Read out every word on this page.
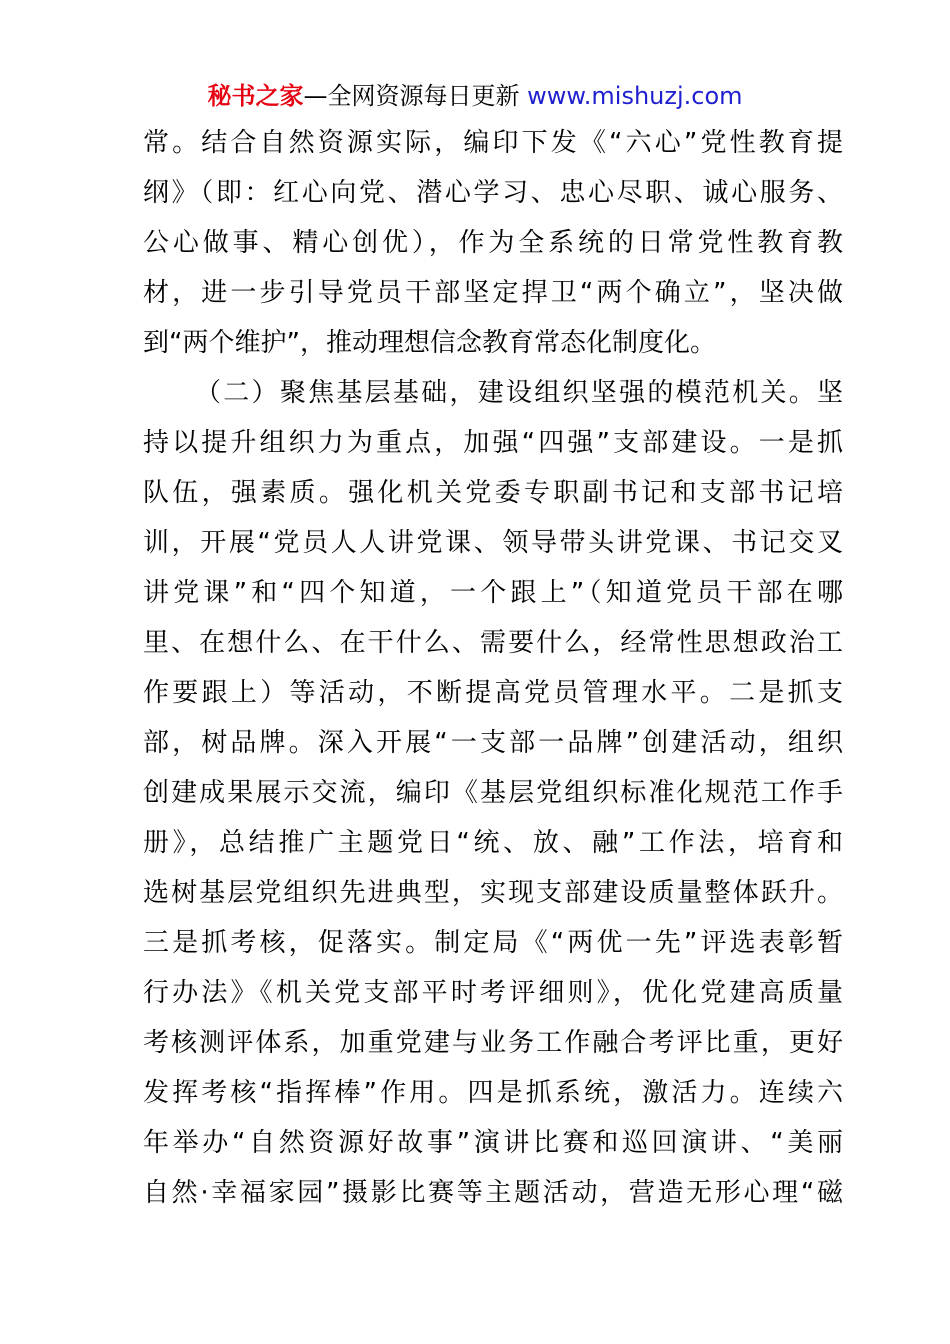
秘书之家—全网资源每日更新 www.mishuzj.com
常。结合自然资源实际，编印下发《“六心”党性教育提
纲》（即：红心向党、潜心学习、忠心尽职、诚心服务、
公心做事、精心创优），作为全系统的日常党性教育教
材，进一步引导党员干部坚定捍卫“两个确立”，坚决做
到“两个维护”，推动理想信念教育常态化制度化。
（二）聚焦基层基础，建设组织坚强的模范机关。坚
持以提升组织力为重点，加强“四强”支部建设。一是抓
队伍，强素质。强化机关党委专职副书记和支部书记培
训，开展“党员人人讲党课、领导带头讲党课、书记交叉
讲党课”和“四个知道，一个跟上”（知道党员干部在哪
里、在想什么、在干什么、需要什么，经常性思想政治工
作要跟上）等活动，不断提高党员管理水平。二是抓支
部，树品牌。深入开展“一支部一品牌”创建活动，组织
创建成果展示交流，编印《基层党组织标准化规范工作手
册》，总结推广主题党日“统、放、融”工作法，培育和
选树基层党组织先进典型，实现支部建设质量整体跃升。
三是抓考核，促落实。制定局《“两优一先”评选表彰暂
行办法》《机关党支部平时考评细则》，优化党建高质量
考核测评体系，加重党建与业务工作融合考评比重，更好
发挥考核“指挥棒”作用。四是抓系统，激活力。连续六
年举办“自然资源好故事”演讲比赛和巡回演讲、“美丽
自然·幸福家园”摄影比赛等主题活动，营造无形心理“磁
